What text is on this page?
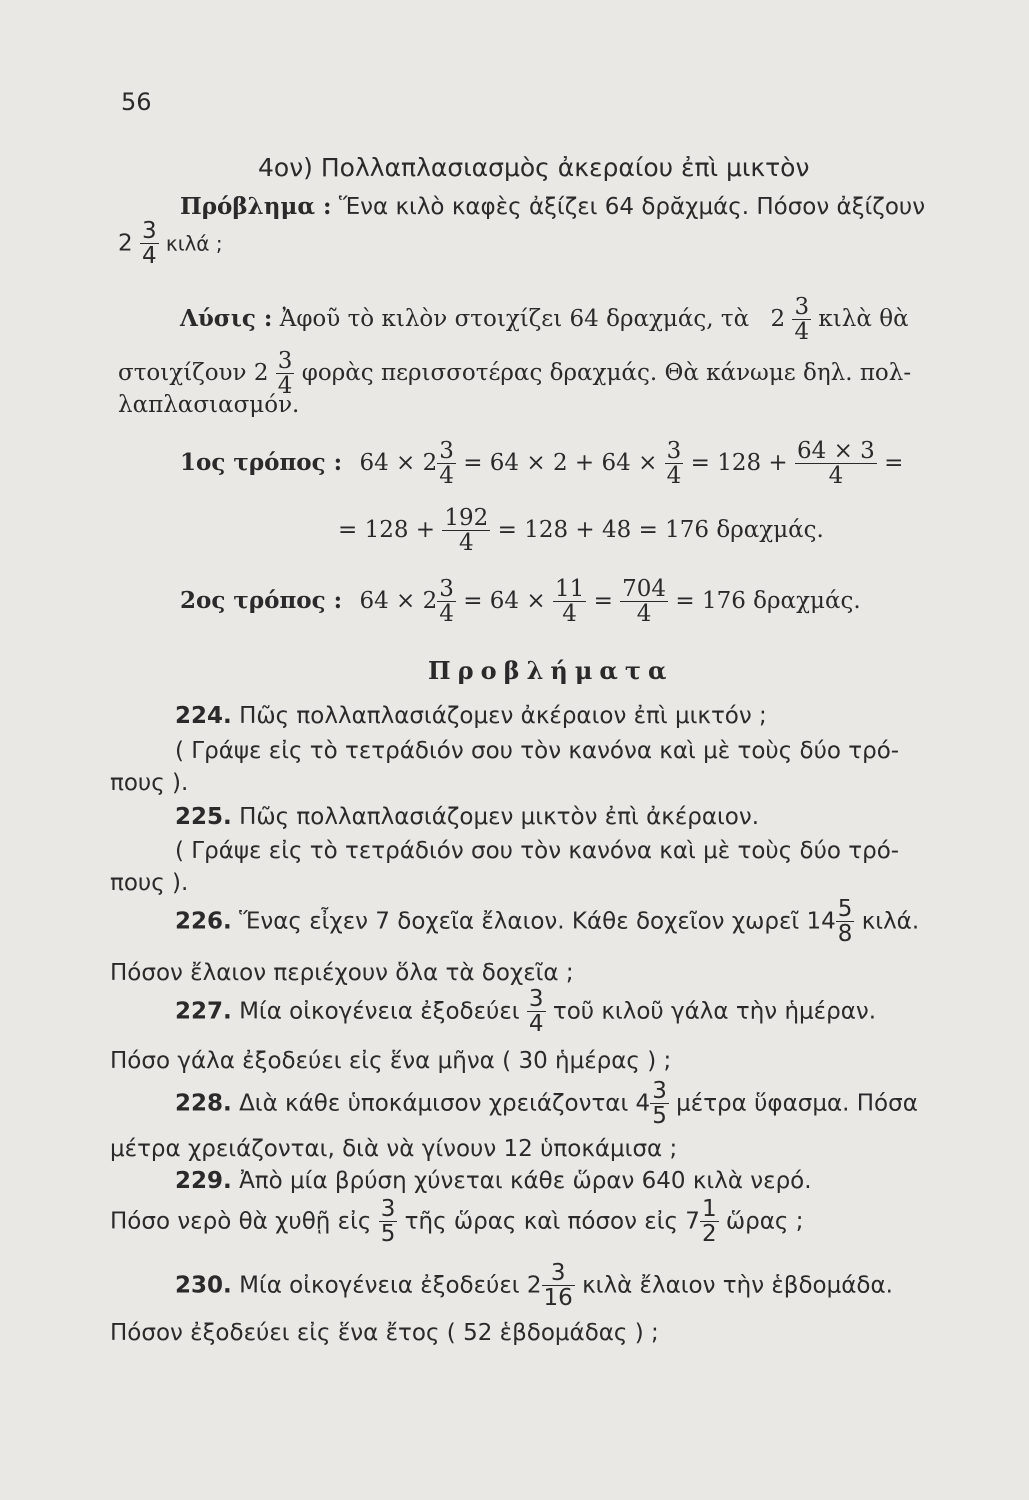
56
4ον) Πολλαπλασιασμὸς ἀκεραίου ἐπὶ μικτὸν
Πρόβλημα : Ἕνα κιλὸ καφὲς ἀξίζει 64 δρᾰχμάς. Πόσον ἀξίζουν
$2 \frac{3}{4}$ κιλά ;
Λύσις : Ἀφοῦ τὸ κιλὸν στοιχίζει 64 δραχμάς, τὰ $2 \frac{3}{4}$ κιλὰ θὰ
στοιχίζουν $2 \frac{3}{4}$ φορὰς περισσοτέρας δραχμάς. Θὰ κάνωμε δηλ. πολ-
λαπλασιασμόν.
1ος τρόπος : $64 \times 2 \frac{3}{4} = 64 \times 2 + 64 \times \frac{3}{4} = 128 + \frac{64 \times 3}{4}$ =
= $128 + \frac{192}{4} = 128 + 48 = 176$ δραχμάς.
2ος τρόπος : $64 \times 2 \frac{3}{4} = 64 \times \frac{11}{4} = \frac{704}{4} = 176$ δραχμάς.
Προβλήματα
224. Πῶς πολλαπλασιάζομεν ἀκέραιον ἐπὶ μικτόν ;
( Γράψε εἰς τὸ τετράδιόν σου τὸν κανόνα καὶ μὲ τοὺς δύο τρό-
πους ).
225. Πῶς πολλαπλασιάζομεν μικτὸν ἐπὶ ἀκέραιον.
( Γράψε εἰς τὸ τετράδιόν σου τὸν κανόνα καὶ μὲ τοὺς δύο τρό-
πους ).
226. Ἕνας εἶχεν 7 δοχεῖα ἔλαιον. Κάθε δοχεῖον χωρεῖ $14 \frac{5}{8} \kappa\iota\lambda ά$.
Πόσον ἔλαιον περιέχουν ὅλα τὰ δοχεῖα ;
227. Μία οἰκογένεια ἐξοδεύει $\frac{3}{4}$ τοῦ κιλοῦ γάλα τὴν ἡμέραν.
Πόσο γάλα ἐξοδεύει εἰς ἕνα μῆνα ( 30 ἡμέρας ) ;
228. Διὰ κάθε ὑποκάμισον χρειάζονται $4 \frac{3}{5}$ μέτρα ὕφασμα. Πόσα
μέτρα χρειάζονται, διὰ νὰ γίνουν 12 ὑποκάμισα ;
229. Ἀπὸ μία βρύση χύνεται κάθε ὥραν 640 κιλὰ νερό.
Πόσο νερὸ θὰ χυθῇ εἰς $\frac{3}{5}$ τῆς ὥρας καὶ πόσον εἰς $7 \frac{1}{2}$ ὥρας ;
230. Μία οἰκογένεια ἐξοδεύει $2 \frac{3}{16}$ κιλὰ ἔλαιον τὴν ἑβδομάδα.
Πόσον ἐξοδεύει εἰς ἕνα ἔτος ( 52 ἑβδομάδας ) ;
